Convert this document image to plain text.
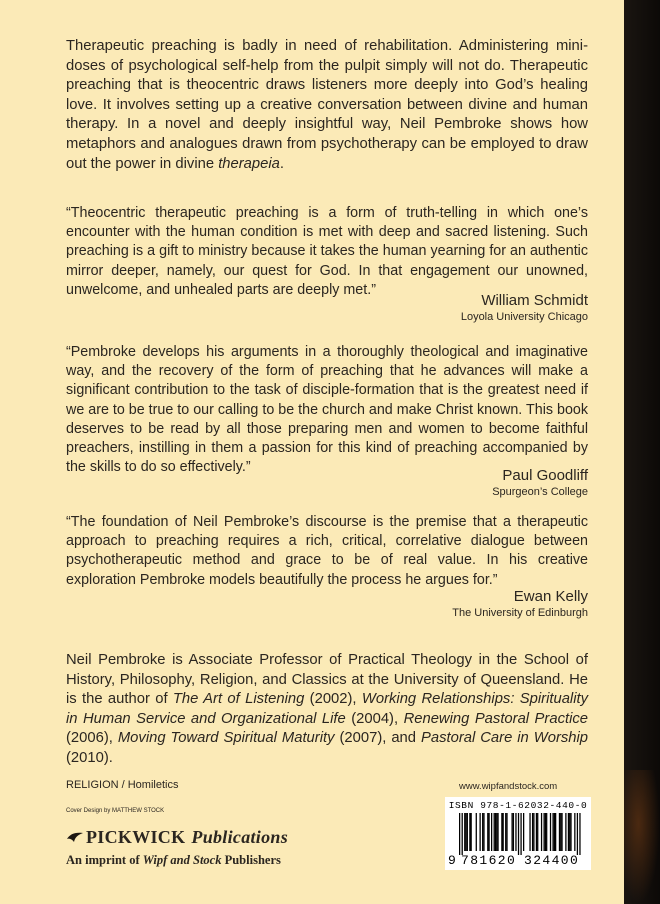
Therapeutic preaching is badly in need of rehabilitation. Administering mini-doses of psychological self-help from the pulpit simply will not do. Therapeutic preaching that is theocentric draws listeners more deeply into God’s healing love. It involves setting up a creative conversation between divine and human therapy. In a novel and deeply insightful way, Neil Pembroke shows how metaphors and analogues drawn from psychotherapy can be employed to draw out the power in divine therapeia.

“Theocentric therapeutic preaching is a form of truth-telling in which one’s encounter with the human condition is met with deep and sacred listening. Such preaching is a gift to ministry because it takes the human yearning for an authentic mirror deeper, namely, our quest for God. In that engagement our unowned, unwelcome, and unhealed parts are deeply met.”

William Schmidt
Loyola University Chicago

“Pembroke develops his arguments in a thoroughly theological and imaginative way, and the recovery of the form of preaching that he advances will make a significant contribution to the task of disciple-formation that is the greatest need if we are to be true to our calling to be the church and make Christ known. This book deserves to be read by all those preparing men and women to become faithful preachers, instilling in them a passion for this kind of preaching accompanied by the skills to do so effectively.”	Paul Goodliff
Spurgeon’s College

“The foundation of Neil Pembroke’s discourse is the premise that a therapeutic approach to preaching requires a rich, critical, correlative dialogue between psychotherapeutic method and grace to be of real value. In his creative exploration Pembroke models beautifully the process he argues for.”

Ewan Kelly
The University of Edinburgh

Neil Pembroke is Associate Professor of Practical Theology in the School of History, Philosophy, Religion, and Classics at the University of Queensland. He is the author of The Art of Listening (2002), Working Relationships: Spirituality in Human Service and Organizational Life (2004), Renewing Pastoral Practice (2006), Moving Toward Spiritual Maturity (2007), and Pastoral Care in Worship (2010).

RELIGION / Homiletics

Cover Design by MATTHEW STOCK

PICKWICK Publications
An imprint of Wipf and Stock Publishers

www.wipfandstock.com

ISBN 978-1-62032-440-0

9 781620 324400
